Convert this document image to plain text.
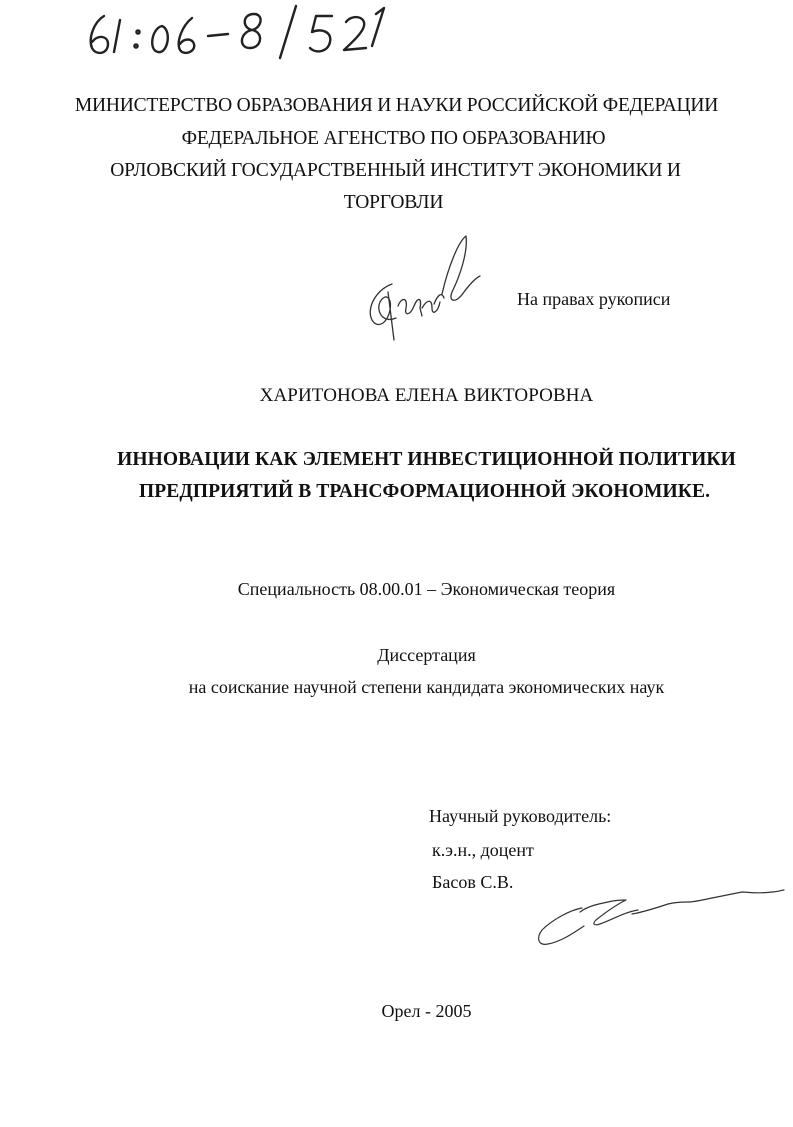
МИНИСТЕРСТВО ОБРАЗОВАНИЯ И НАУКИ РОССИЙСКОЙ ФЕДЕРАЦИИ
ФЕДЕРАЛЬНОЕ АГЕНСТВО ПО ОБРАЗОВАНИЮ
ОРЛОВСКИЙ ГОСУДАРСТВЕННЫЙ ИНСТИТУТ ЭКОНОМИКИ И
ТОРГОВЛИ
На правах рукописи
ХАРИТОНОВА ЕЛЕНА ВИКТОРОВНА
ИННОВАЦИИ КАК ЭЛЕМЕНТ ИНВЕСТИЦИОННОЙ ПОЛИТИКИ
ПРЕДПРИЯТИЙ В ТРАНСФОРМАЦИОННОЙ ЭКОНОМИКЕ.
Специальность 08.00.01 – Экономическая теория
Диссертация
на соискание научной степени кандидата экономических наук
Научный руководитель:
к.э.н., доцент
Басов С.В.
Орел - 2005
